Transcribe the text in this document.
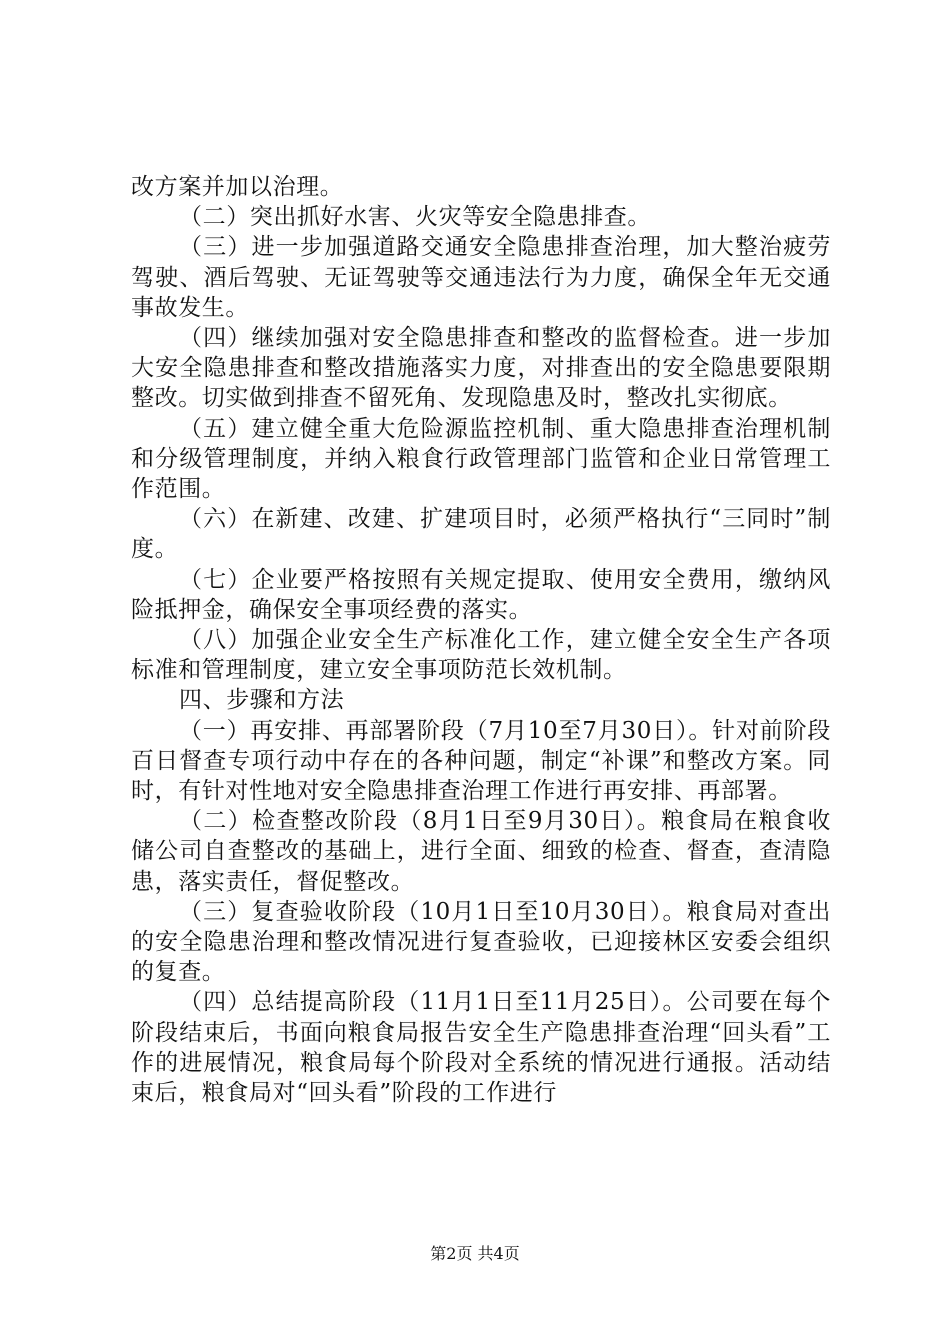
改方案并加以治理。

（二）突出抓好水害、火灾等安全隐患排查。

（三）进一步加强道路交通安全隐患排查治理，加大整治疲劳驾驶、酒后驾驶、无证驾驶等交通违法行为力度，确保全年无交通事故发生。

（四）继续加强对安全隐患排查和整改的监督检查。进一步加大安全隐患排查和整改措施落实力度，对排查出的安全隐患要限期整改。切实做到排查不留死角、发现隐患及时，整改扎实彻底。

（五）建立健全重大危险源监控机制、重大隐患排查治理机制和分级管理制度，并纳入粮食行政管理部门监管和企业日常管理工作范围。

（六）在新建、改建、扩建项目时，必须严格执行“三同时”制度。

（七）企业要严格按照有关规定提取、使用安全费用，缴纳风险抵押金，确保安全事项经费的落实。

（八）加强企业安全生产标准化工作，建立健全安全生产各项标准和管理制度，建立安全事项防范长效机制。

四、步骤和方法

（一）再安排、再部署阶段（7月10至7月30日）。针对前阶段百日督查专项行动中存在的各种问题，制定“补课”和整改方案。同时，有针对性地对安全隐患排查治理工作进行再安排、再部署。

（二）检查整改阶段（8月1日至9月30日）。粮食局在粮食收储公司自查整改的基础上，进行全面、细致的检查、督查，查清隐患，落实责任，督促整改。

（三）复查验收阶段（10月1日至10月30日）。粮食局对查出的安全隐患治理和整改情况进行复查验收，已迎接林区安委会组织的复查。

（四）总结提高阶段（11月1日至11月25日）。公司要在每个阶段结束后，书面向粮食局报告安全生产隐患排查治理“回头看”工作的进展情况，粮食局每个阶段对全系统的情况进行通报。活动结束后，粮食局对“回头看”阶段的工作进行

第2页 共4页
